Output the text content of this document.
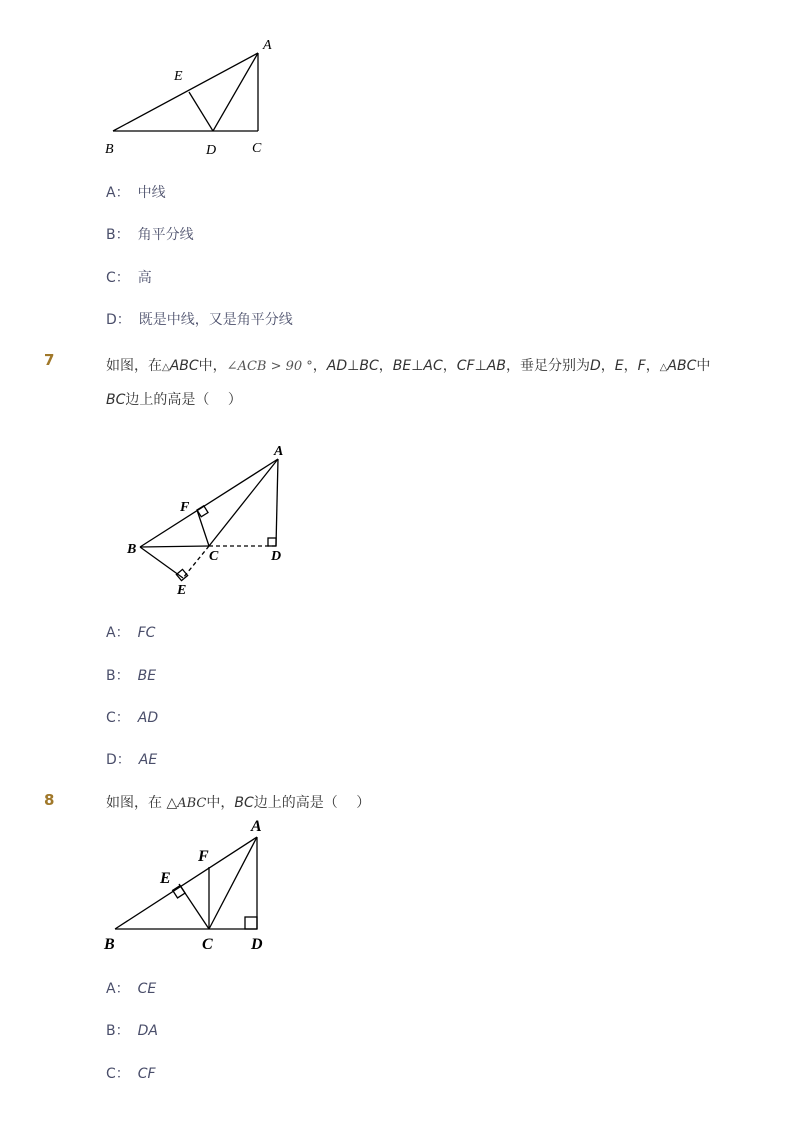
A
E
B	D	C
A： 中线
B： 角平分线
C： 高
D： 既是中线，又是角平分线
7	如图，在△ABC中，∠ACB > 90 °，AD⊥BC，BE⊥AC，CF⊥AB，垂足分别为D，E，F，△ABC中
BC边上的高是（　 ）
A
F
B	C	D
E
A： FC
B： BE
C： AD
D： AE
8	如图，在 △ABC中，BC边上的高是（　 ）
A
F
E
B	C D
A： CE
B： DA
C： CF
